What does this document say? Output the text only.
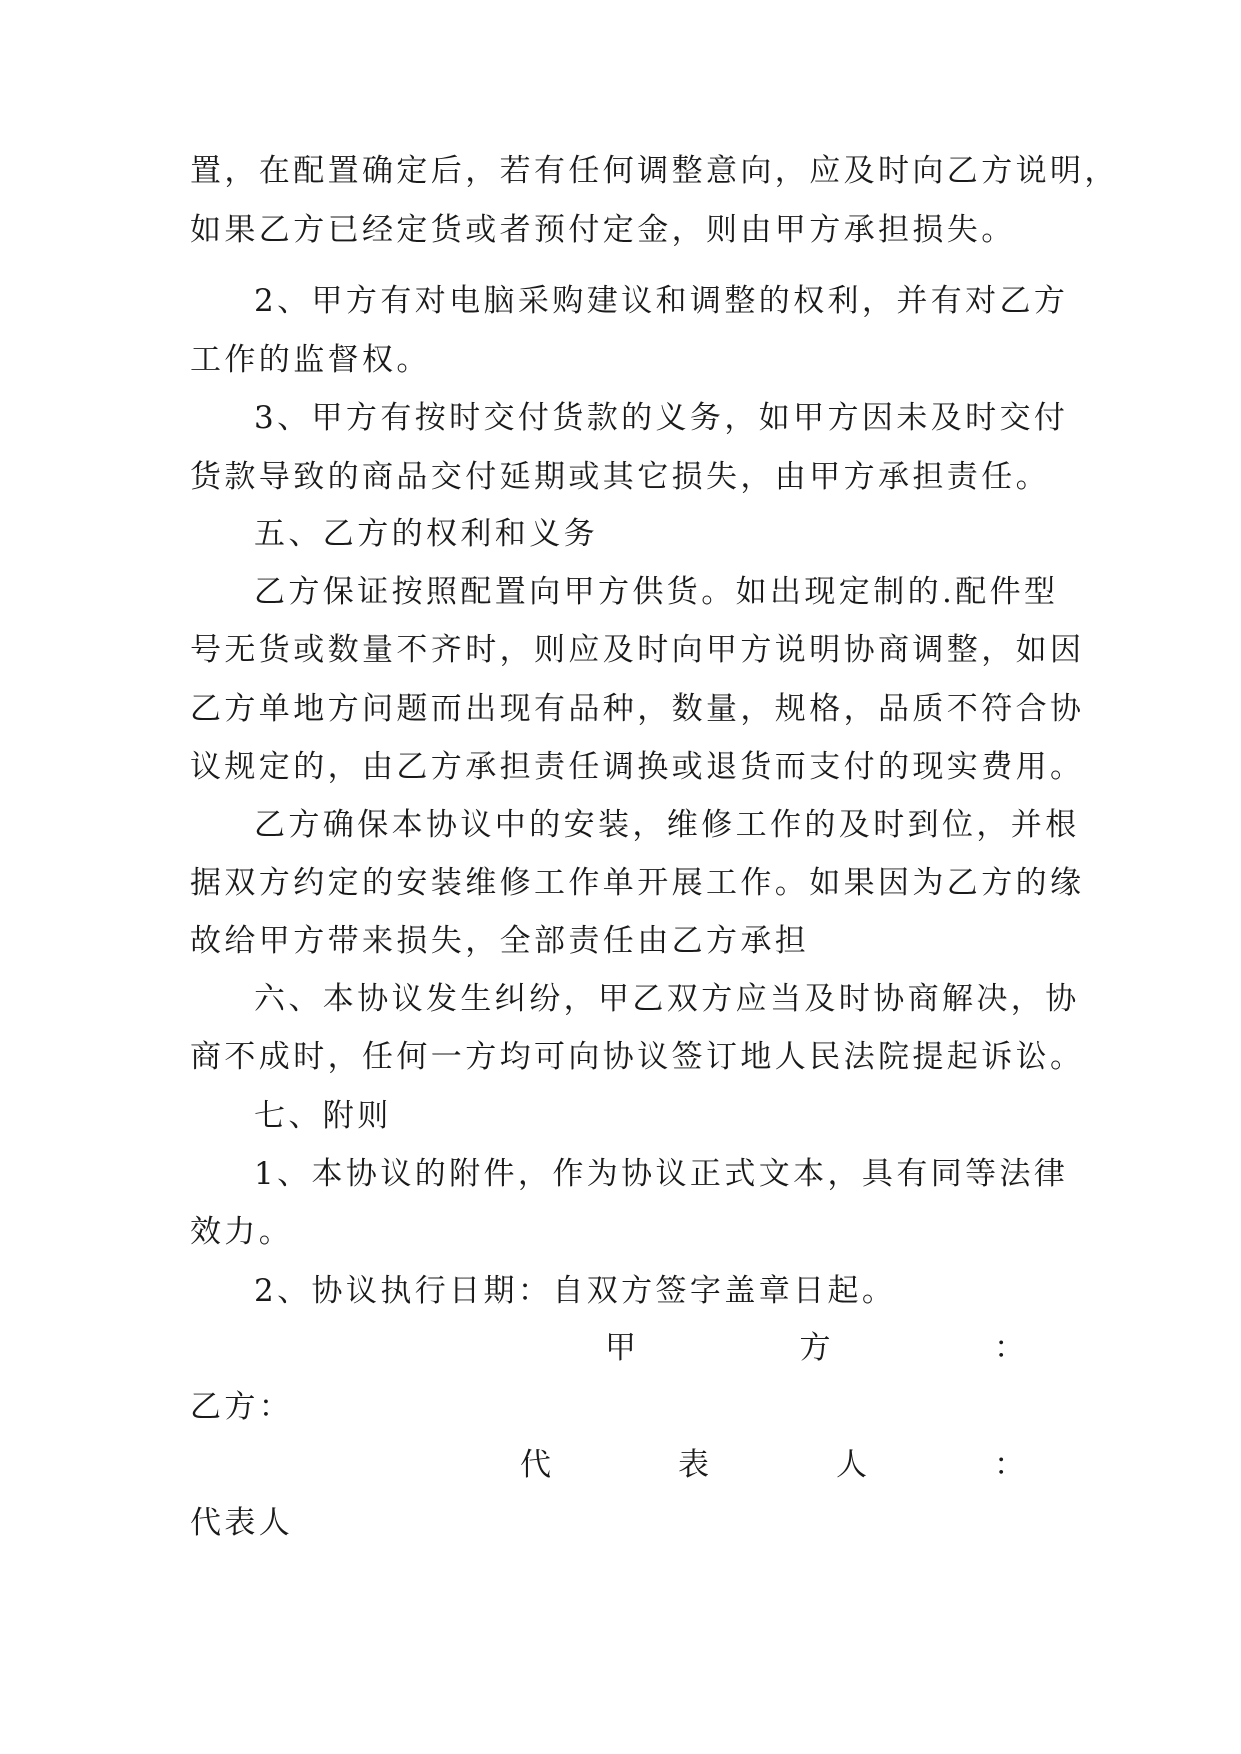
置，在配置确定后，若有任何调整意向，应及时向乙方说明，
如果乙方已经定货或者预付定金，则由甲方承担损失。
2、甲方有对电脑采购建议和调整的权利，并有对乙方
工作的监督权。
3、甲方有按时交付货款的义务，如甲方因未及时交付
货款导致的商品交付延期或其它损失，由甲方承担责任。
五、乙方的权利和义务
乙方保证按照配置向甲方供货。如出现定制的.配件型
号无货或数量不齐时，则应及时向甲方说明协商调整，如因
乙方单地方问题而出现有品种，数量，规格，品质不符合协
议规定的，由乙方承担责任调换或退货而支付的现实费用。
乙方确保本协议中的安装，维修工作的及时到位，并根
据双方约定的安装维修工作单开展工作。如果因为乙方的缘
故给甲方带来损失，全部责任由乙方承担
六、本协议发生纠纷，甲乙双方应当及时协商解决，协
商不成时，任何一方均可向协议签订地人民法院提起诉讼。
七、附则
1、本协议的附件，作为协议正式文本，具有同等法律
效力。
2、协议执行日期：自双方签字盖章日起。
甲	方	：
乙方：
代	表	人	：
代表人
